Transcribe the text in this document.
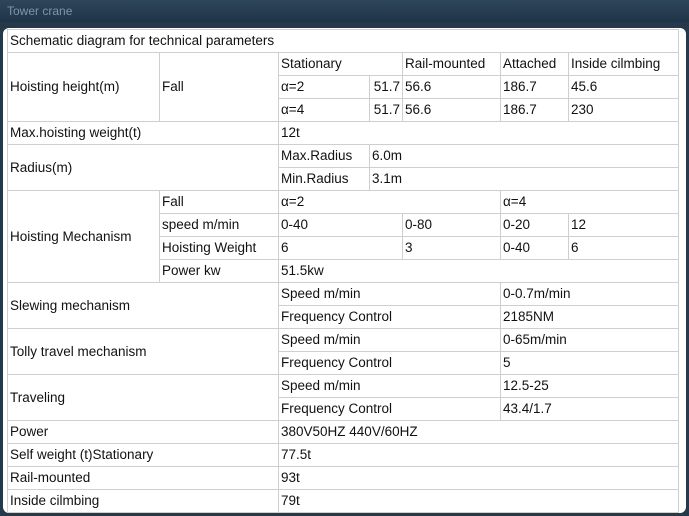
Tower crane
Schematic diagram for technical parameters						
Hoisting height(m)	Fall	Stationary		Rail-mounted	Attached	Inside cilmbing
		α=2	51.7	56.6	186.7	45.6
		α=4	51.7	56.6	186.7	230
Max.hoisting weight(t)		12t				
Radius(m)		Max.Radius	6.0m			
		Min.Radius	3.1m			
Hoisting Mechanism	Fall	α=2			α=4	
	speed m/min	0-40		0-80	0-20	12
	Hoisting Weight	6		3	0-40	6
	Power kw	51.5kw				
Slewing mechanism		Speed m/min			0-0.7m/min	
		Frequency Control			2185NM	
Tolly travel mechanism		Speed m/min			0-65m/min	
		Frequency Control			5	
Traveling		Speed m/min			12.5-25	
		Frequency Control			43.4/1.7	
Power		380V50HZ 440V/60HZ				
Self weight (t)Stationary		77.5t				
Rail-mounted		93t				
Inside cilmbing		79t				
